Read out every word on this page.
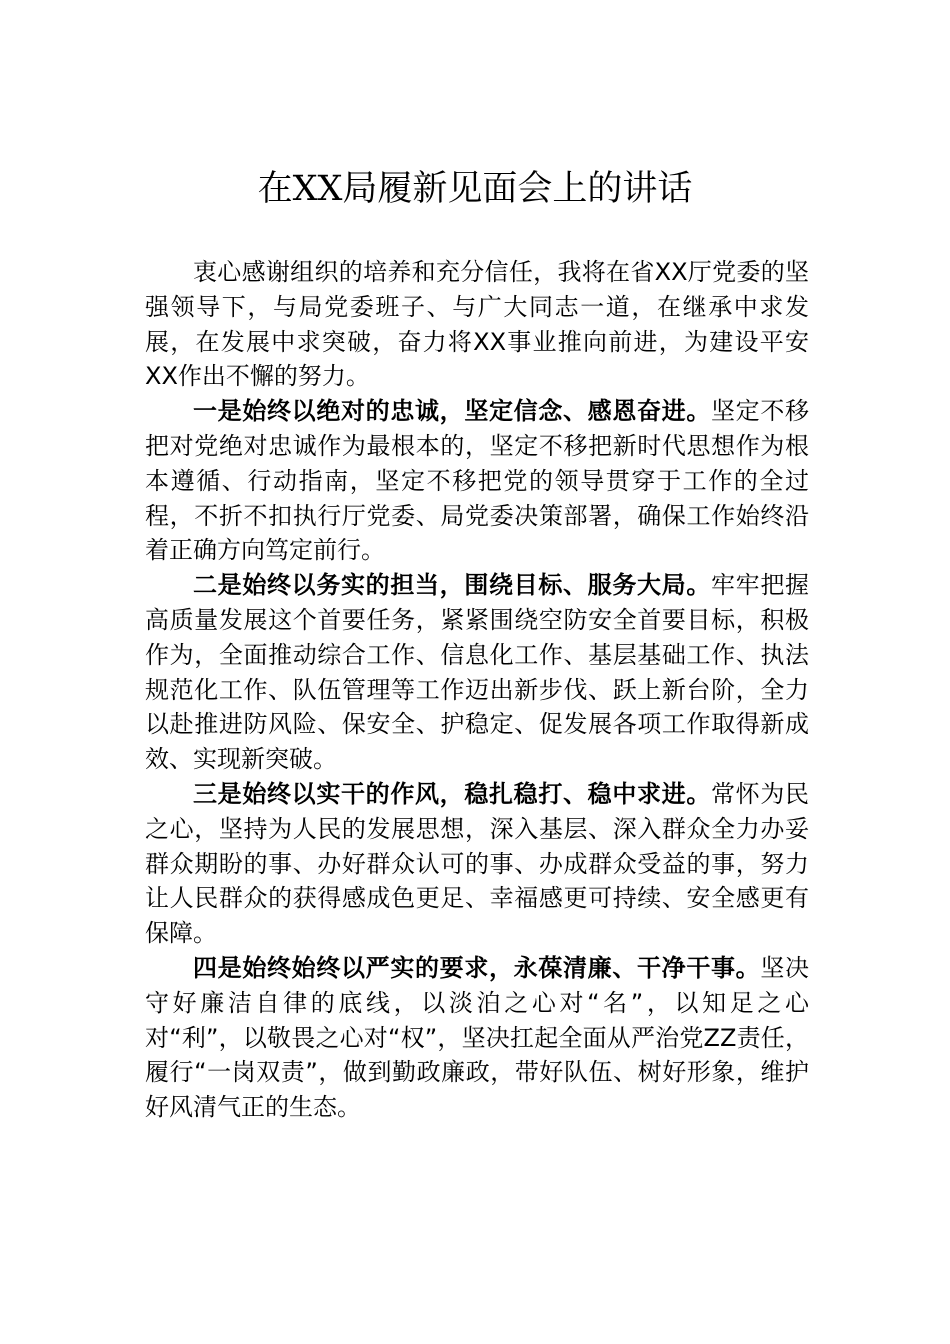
在XX局履新见面会上的讲话

衷心感谢组织的培养和充分信任，我将在省XX厅党委的坚强领导下，与局党委班子、与广大同志一道，在继承中求发展，在发展中求突破，奋力将XX事业推向前进，为建设平安XX作出不懈的努力。

一是始终以绝对的忠诚，坚定信念、感恩奋进。坚定不移把对党绝对忠诚作为最根本的，坚定不移把新时代思想作为根本遵循、行动指南，坚定不移把党的领导贯穿于工作的全过程，不折不扣执行厅党委、局党委决策部署，确保工作始终沿着正确方向笃定前行。

二是始终以务实的担当，围绕目标、服务大局。牢牢把握高质量发展这个首要任务，紧紧围绕空防安全首要目标，积极作为，全面推动综合工作、信息化工作、基层基础工作、执法规范化工作、队伍管理等工作迈出新步伐、跃上新台阶，全力以赴推进防风险、保安全、护稳定、促发展各项工作取得新成效、实现新突破。

三是始终以实干的作风，稳扎稳打、稳中求进。常怀为民之心，坚持为人民的发展思想，深入基层、深入群众全力办妥群众期盼的事、办好群众认可的事、办成群众受益的事，努力让人民群众的获得感成色更足、幸福感更可持续、安全感更有保障。

四是始终始终以严实的要求，永葆清廉、干净干事。坚决守好廉洁自律的底线，以淡泊之心对“名”，以知足之心对“利”，以敬畏之心对“权”，坚决扛起全面从严治党ZZ责任，履行“一岗双责”，做到勤政廉政，带好队伍、树好形象，维护好风清气正的生态。
